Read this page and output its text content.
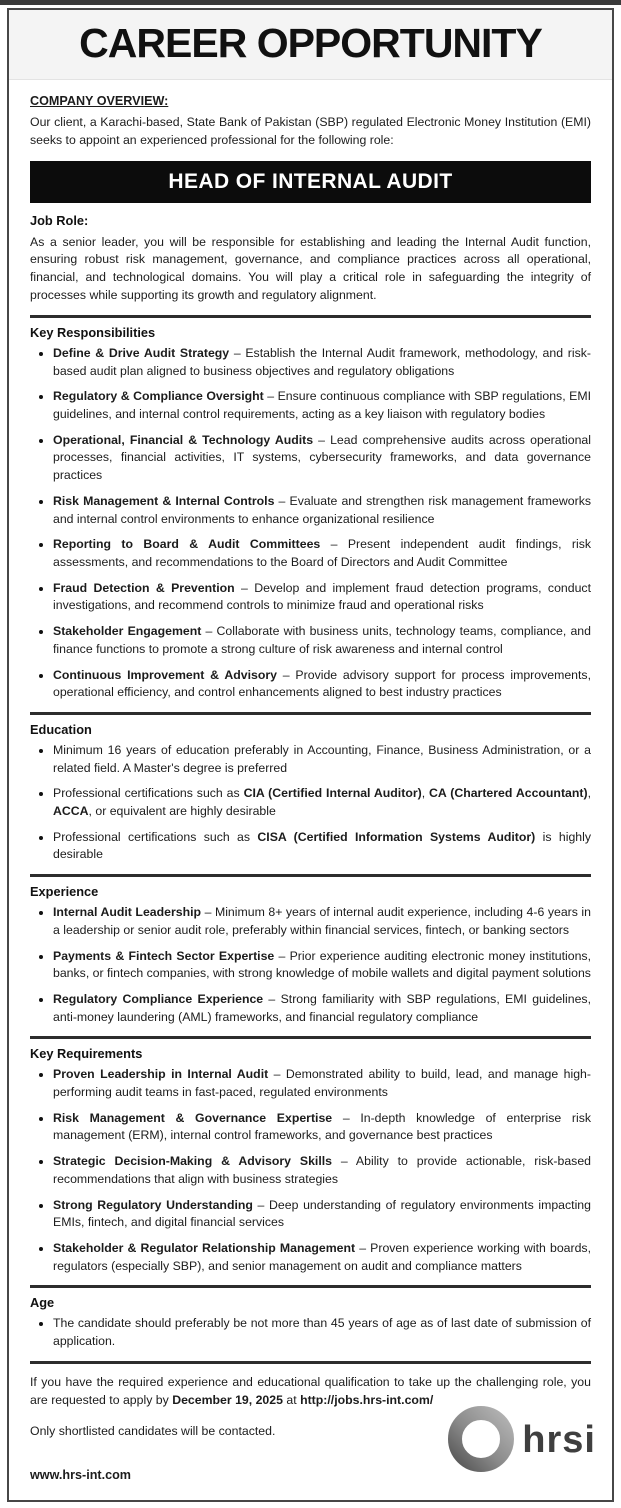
CAREER OPPORTUNITY
COMPANY OVERVIEW:

Our client, a Karachi-based, State Bank of Pakistan (SBP) regulated Electronic Money Institution (EMI) seeks to appoint an experienced professional for the following role:

HEAD OF INTERNAL AUDIT
Job Role:

As a senior leader, you will be responsible for establishing and leading the Internal Audit function, ensuring robust risk management, governance, and compliance practices across all operational, financial, and technological domains. You will play a critical role in safeguarding the integrity of processes while supporting its growth and regulatory alignment.

Key Responsibilities
• Define & Drive Audit Strategy – Establish the Internal Audit framework, methodology, and risk-based audit plan aligned to business objectives and regulatory obligations
• Regulatory & Compliance Oversight – Ensure continuous compliance with SBP regulations, EMI guidelines, and internal control requirements, acting as a key liaison with regulatory bodies
• Operational, Financial & Technology Audits – Lead comprehensive audits across operational processes, financial activities, IT systems, cybersecurity frameworks, and data governance practices
• Risk Management & Internal Controls – Evaluate and strengthen risk management frameworks and internal control environments to enhance organizational resilience
• Reporting to Board & Audit Committees – Present independent audit findings, risk assessments, and recommendations to the Board of Directors and Audit Committee
• Fraud Detection & Prevention – Develop and implement fraud detection programs, conduct investigations, and recommend controls to minimize fraud and operational risks
• Stakeholder Engagement – Collaborate with business units, technology teams, compliance, and finance functions to promote a strong culture of risk awareness and internal control
• Continuous Improvement & Advisory – Provide advisory support for process improvements, operational efficiency, and control enhancements aligned to best industry practices
Education
• Minimum 16 years of education preferably in Accounting, Finance, Business Administration, or a related field. A Master's degree is preferred
• Professional certifications such as CIA (Certified Internal Auditor), CA (Chartered Accountant), ACCA, or equivalent are highly desirable
• Professional certifications such as CISA (Certified Information Systems Auditor) is highly desirable
Experience
• Internal Audit Leadership – Minimum 8+ years of internal audit experience, including 4-6 years in a leadership or senior audit role, preferably within financial services, fintech, or banking sectors
• Payments & Fintech Sector Expertise – Prior experience auditing electronic money institutions, banks, or fintech companies, with strong knowledge of mobile wallets and digital payment solutions
• Regulatory Compliance Experience – Strong familiarity with SBP regulations, EMI guidelines, anti-money laundering (AML) frameworks, and financial regulatory compliance
Key Requirements
• Proven Leadership in Internal Audit – Demonstrated ability to build, lead, and manage high-performing audit teams in fast-paced, regulated environments
• Risk Management & Governance Expertise – In-depth knowledge of enterprise risk management (ERM), internal control frameworks, and governance best practices
• Strategic Decision-Making & Advisory Skills – Ability to provide actionable, risk-based recommendations that align with business strategies
• Strong Regulatory Understanding – Deep understanding of regulatory environments impacting EMIs, fintech, and digital financial services
• Stakeholder & Regulator Relationship Management – Proven experience working with boards, regulators (especially SBP), and senior management on audit and compliance matters
Age
• The candidate should preferably be not more than 45 years of age as of last date of submission of application.

If you have the required experience and educational qualification to take up the challenging role, you are requested to apply by December 19, 2025 at http://jobs.hrs-int.com/

Only shortlisted candidates will be contacted.

www.hrs-int.com
hrsi
